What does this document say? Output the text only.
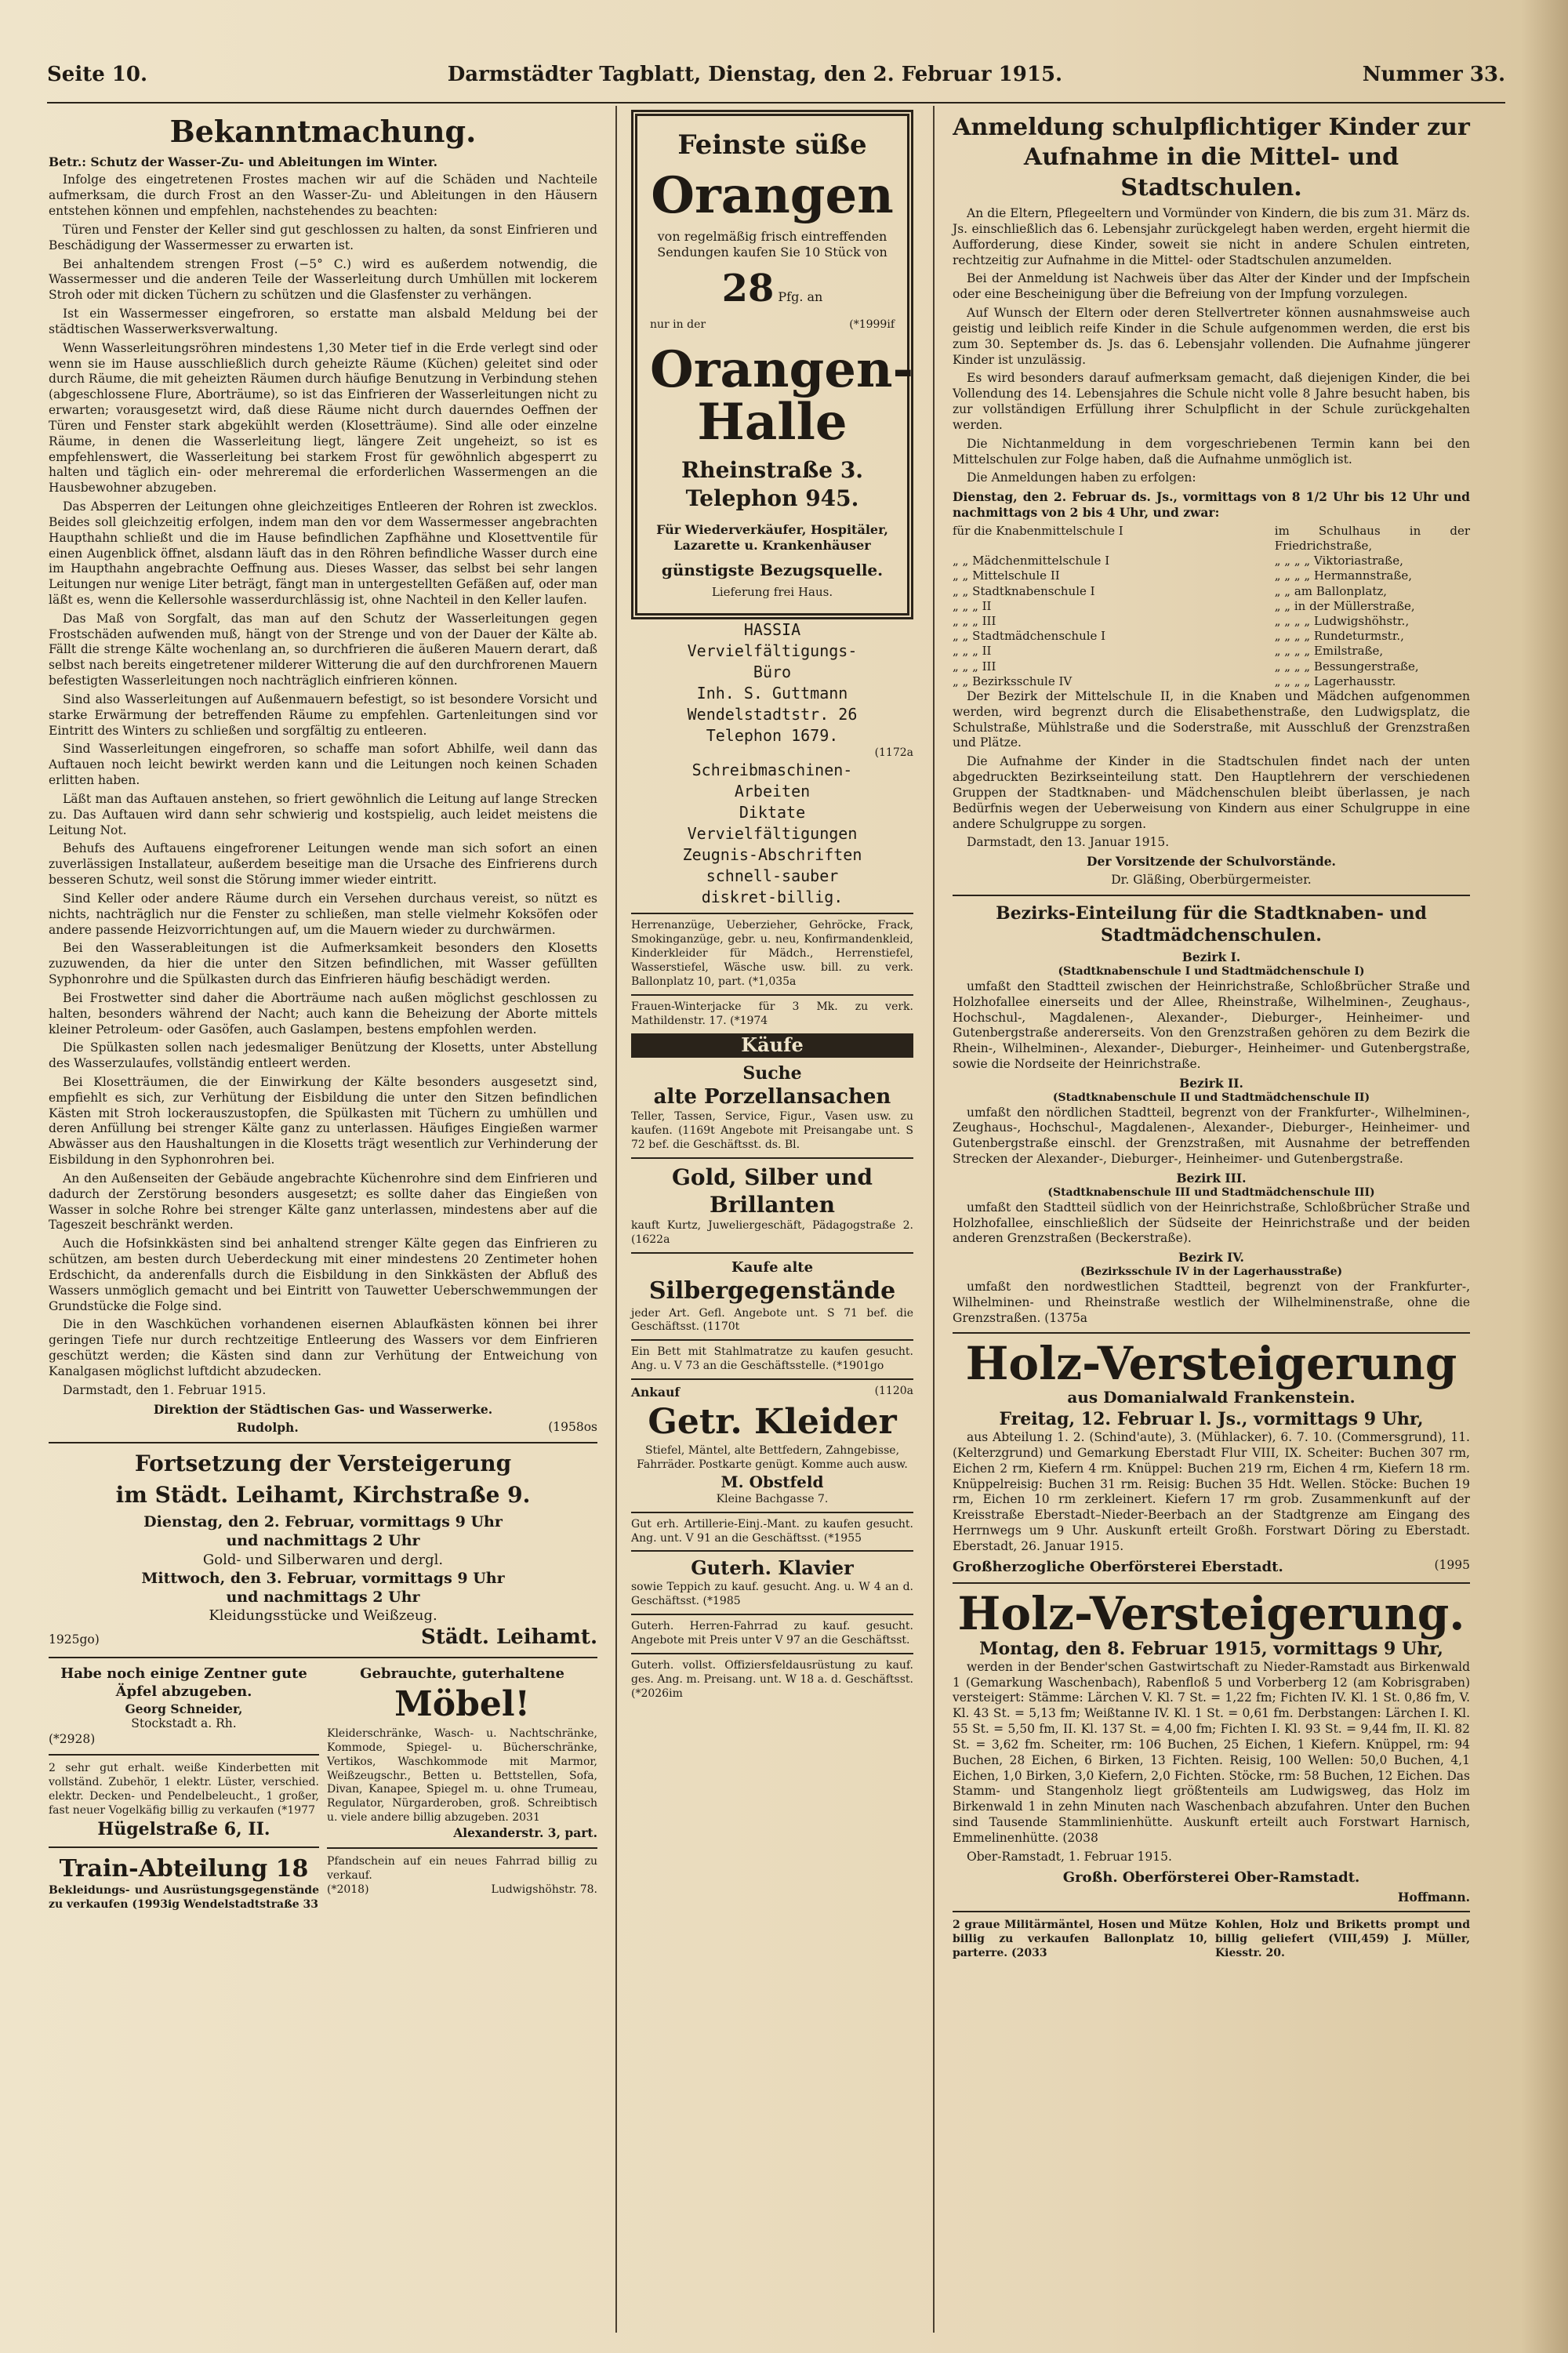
Seite 10.	Darmstädter Tagblatt, Dienstag, den 2. Februar 1915.	Nummer 33.
Bekanntmachung.

Betr.: Schutz der Wasser-Zu- und Ableitungen im Winter.

Infolge des eingetretenen Frostes machen wir auf die Schäden und Nachteile aufmerksam, die durch Frost an den Wasser-Zu- und Ableitungen in den Häusern entstehen können und empfehlen, nachstehendes zu beachten:

Türen und Fenster der Keller sind gut geschlossen zu halten, da sonst Einfrieren und Beschädigung der Wassermesser zu erwarten ist.

Bei anhaltendem strengen Frost (−5° C.) wird es außerdem notwendig, die Wassermesser und die anderen Teile der Wasserleitung durch Umhüllen mit lockerem Stroh oder mit dicken Tüchern zu schützen und die Glasfenster zu verhängen.

Ist ein Wassermesser eingefroren, so erstatte man alsbald Meldung bei der städtischen Wasserwerksverwaltung.

Wenn Wasserleitungsröhren mindestens 1,30 Meter tief in die Erde verlegt sind oder wenn sie im Hause ausschließlich durch geheizte Räume (Küchen) geleitet sind oder durch Räume, die mit geheizten Räumen durch häufige Benutzung in Verbindung stehen (abgeschlossene Flure, Aborträume), so ist das Einfrieren der Wasserleitungen nicht zu erwarten; vorausgesetzt wird, daß diese Räume nicht durch dauerndes Oeffnen der Türen und Fenster stark abgekühlt werden (Klosetträume). Sind alle oder einzelne Räume, in denen die Wasserleitung liegt, längere Zeit ungeheizt, so ist es empfehlenswert, die Wasserleitung bei starkem Frost für gewöhnlich abgesperrt zu halten und täglich ein- oder mehreremal die erforderlichen Wassermengen an die Hausbewohner abzugeben.

Das Absperren der Leitungen ohne gleichzeitiges Entleeren der Rohren ist zwecklos. Beides soll gleichzeitig erfolgen, indem man den vor dem Wassermesser angebrachten Haupthahn schließt und die im Hause befindlichen Zapfhähne und Klosettventile für einen Augenblick öffnet, alsdann läuft das in den Röhren befindliche Wasser durch eine im Haupthahn angebrachte Oeffnung aus. Dieses Wasser, das selbst bei sehr langen Leitungen nur wenige Liter beträgt, fängt man in untergestellten Gefäßen auf, oder man läßt es, wenn die Kellersohle wasserdurchlässig ist, ohne Nachteil in den Keller laufen.

Das Maß von Sorgfalt, das man auf den Schutz der Wasserleitungen gegen Frostschäden aufwenden muß, hängt von der Strenge und von der Dauer der Kälte ab. Fällt die strenge Kälte wochenlang an, so durchfrieren die äußeren Mauern derart, daß selbst nach bereits eingetretener milderer Witterung die auf den durchfrorenen Mauern befestigten Wasserleitungen noch nachträglich einfrieren können.

Sind also Wasserleitungen auf Außenmauern befestigt, so ist besondere Vorsicht und starke Erwärmung der betreffenden Räume zu empfehlen. Gartenleitungen sind vor Eintritt des Winters zu schließen und sorgfältig zu entleeren.

Sind Wasserleitungen eingefroren, so schaffe man sofort Abhilfe, weil dann das Auftauen noch leicht bewirkt werden kann und die Leitungen noch keinen Schaden erlitten haben.

Läßt man das Auftauen anstehen, so friert gewöhnlich die Leitung auf lange Strecken zu. Das Auftauen wird dann sehr schwierig und kostspielig, auch leidet meistens die Leitung Not.

Behufs des Auftauens eingefrorener Leitungen wende man sich sofort an einen zuverlässigen Installateur, außerdem beseitige man die Ursache des Einfrierens durch besseren Schutz, weil sonst die Störung immer wieder eintritt.

Sind Keller oder andere Räume durch ein Versehen durchaus vereist, so nützt es nichts, nachträglich nur die Fenster zu schließen, man stelle vielmehr Koksöfen oder andere passende Heizvorrichtungen auf, um die Mauern wieder zu durchwärmen.

Bei den Wasserableitungen ist die Aufmerksamkeit besonders den Klosetts zuzuwenden, da hier die unter den Sitzen befindlichen, mit Wasser gefüllten Syphonrohre und die Spülkasten durch das Einfrieren häufig beschädigt werden.

Bei Frostwetter sind daher die Aborträume nach außen möglichst geschlossen zu halten, besonders während der Nacht; auch kann die Beheizung der Aborte mittels kleiner Petroleum- oder Gasöfen, auch Gaslampen, bestens empfohlen werden.

Die Spülkasten sollen nach jedesmaliger Benützung der Klosetts, unter Abstellung des Wasserzulaufes, vollständig entleert werden.

Bei Klosetträumen, die der Einwirkung der Kälte besonders ausgesetzt sind, empfiehlt es sich, zur Verhütung der Eisbildung die unter den Sitzen befindlichen Kästen mit Stroh lockerauszustopfen, die Spülkasten mit Tüchern zu umhüllen und deren Anfüllung bei strenger Kälte ganz zu unterlassen. Häufiges Eingießen warmer Abwässer aus den Haushaltungen in die Klosetts trägt wesentlich zur Verhinderung der Eisbildung in den Syphonrohren bei.

An den Außenseiten der Gebäude angebrachte Küchenrohre sind dem Einfrieren und dadurch der Zerstörung besonders ausgesetzt; es sollte daher das Eingießen von Wasser in solche Rohre bei strenger Kälte ganz unterlassen, mindestens aber auf die Tageszeit beschränkt werden.

Auch die Hofsinkkästen sind bei anhaltend strenger Kälte gegen das Einfrieren zu schützen, am besten durch Ueberdeckung mit einer mindestens 20 Zentimeter hohen Erdschicht, da anderenfalls durch die Eisbildung in den Sinkkästen der Abfluß des Wassers unmöglich gemacht und bei Eintritt von Tauwetter Ueberschwemmungen der Grundstücke die Folge sind.

Die in den Waschküchen vorhandenen eisernen Ablaufkästen können bei ihrer geringen Tiefe nur durch rechtzeitige Entleerung des Wassers vor dem Einfrieren geschützt werden; die Kästen sind dann zur Verhütung der Entweichung von Kanalgasen möglichst luftdicht abzudecken.

Darmstadt, den 1. Februar 1915.

Direktion der Städtischen Gas- und Wasserwerke.

Rudolph.	(1958os
Fortsetzung der Versteigerung
im Städt. Leihamt, Kirchstraße 9.
Dienstag, den 2. Februar, vormittags 9 Uhr
und nachmittags 2 Uhr
Gold- und Silberwaren und dergl.
Mittwoch, den 3. Februar, vormittags 9 Uhr
und nachmittags 2 Uhr
Kleidungsstücke und Weißzeug.
1925go)	Städt. Leihamt.
Habe noch einige Zentner gute Äpfel abzugeben.
Georg Schneider,
Stockstadt a. Rh.
(*2928)
2 sehr gut erhalt. weiße Kinderbetten mit vollständ. Zubehör, 1 elektr. Lüster, verschied. elektr. Decken- und Pendelbeleucht., 1 großer, fast neuer Vogelkäfig billig zu verkaufen (*1977
Hügelstraße 6, II.
Train-Abteilung 18
Bekleidungs- und Ausrüstungsgegenstände zu verkaufen (1993ig Wendelstadtstraße 33
Gebrauchte, guterhaltene
Möbel!
Kleiderschränke, Wasch- u. Nachtschränke, Kommode, Spiegel- u. Bücherschränke, Vertikos, Waschkommode mit Marmor, Weißzeugschr., Betten u. Bettstellen, Sofa, Divan, Kanapee, Spiegel m. u. ohne Trumeau, Regulator, Nürgarderoben, groß. Schreibtisch u. viele andere billig abzugeben. 2031
Alexanderstr. 3, part.
Pfandschein auf ein neues Fahrrad billig zu verkauf.
(*2018)	Ludwigshöhstr. 78.
Feinste süße
Orangen
von regelmäßig frisch eintreffenden Sendungen kaufen Sie 10 Stück von
28 Pfg. an
nur in der	(*1999if
Orangen-
Halle
Rheinstraße 3.
Telephon 945.
Für Wiederverkäufer, Hospitäler, Lazarette u. Krankenhäuser
günstigste Bezugsquelle.
Lieferung frei Haus.
HASSIA
Vervielfältigungs-
Büro
Inh. S. Guttmann
Wendelstadtstr. 26
Telephon 1679.
(1172a
Schreibmaschinen-
Arbeiten
Diktate
Vervielfältigungen
Zeugnis-Abschriften
schnell-sauber
diskret-billig.
Herrenanzüge, Ueberzieher, Gehröcke, Frack, Smokinganzüge, gebr. u. neu, Konfirmandenkleid, Kinderkleider für Mädch., Herrenstiefel, Wasserstiefel, Wäsche usw. bill. zu verk. Ballonplatz 10, part. (*1,035a
Frauen-Winterjacke für 3 Mk. zu verk. Mathildenstr. 17. (*1974
Käufe
Suche
alte Porzellansachen
Teller, Tassen, Service, Figur., Vasen usw. zu kaufen. (1169t Angebote mit Preisangabe unt. S 72 bef. die Geschäftsst. ds. Bl.
Gold, Silber und Brillanten
kauft Kurtz, Juweliergeschäft, Pädagogstraße 2. (1622a
Kaufe alte
Silbergegenstände
jeder Art. Gefl. Angebote unt. S 71 bef. die Geschäftsst. (1170t
Ein Bett mit Stahlmatratze zu kaufen gesucht. Ang. u. V 73 an die Geschäftsstelle. (*1901go
Ankauf	(1120a
Getr. Kleider
Stiefel, Mäntel, alte Bettfedern, Zahngebisse, Fahrräder. Postkarte genügt. Komme auch ausw.
M. Obstfeld
Kleine Bachgasse 7.
Gut erh. Artillerie-Einj.-Mant. zu kaufen gesucht. Ang. unt. V 91 an die Geschäftsst. (*1955
Guterh. Klavier
sowie Teppich zu kauf. gesucht. Ang. u. W 4 an d. Geschäftsst. (*1985
Guterh. Herren-Fahrrad zu kauf. gesucht. Angebote mit Preis unter V 97 an die Geschäftsst.
Guterh. vollst. Offiziersfeldausrüstung zu kauf. ges. Ang. m. Preisang. unt. W 18 a. d. Geschäftsst. (*2026im
Anmeldung schulpflichtiger Kinder zur Aufnahme in die Mittel- und Stadtschulen.

An die Eltern, Pflegeeltern und Vormünder von Kindern, die bis zum 31. März ds. Js. einschließlich das 6. Lebensjahr zurückgelegt haben werden, ergeht hiermit die Aufforderung, diese Kinder, soweit sie nicht in andere Schulen eintreten, rechtzeitig zur Aufnahme in die Mittel- oder Stadtschulen anzumelden.

Bei der Anmeldung ist Nachweis über das Alter der Kinder und der Impfschein oder eine Bescheinigung über die Befreiung von der Impfung vorzulegen.

Auf Wunsch der Eltern oder deren Stellvertreter können ausnahmsweise auch geistig und leiblich reife Kinder in die Schule aufgenommen werden, die erst bis zum 30. September ds. Js. das 6. Lebensjahr vollenden. Die Aufnahme jüngerer Kinder ist unzulässig.

Es wird besonders darauf aufmerksam gemacht, daß diejenigen Kinder, die bei Vollendung des 14. Lebensjahres die Schule nicht volle 8 Jahre besucht haben, bis zur vollständigen Erfüllung ihrer Schulpflicht in der Schule zurückgehalten werden.

Die Nichtanmeldung in dem vorgeschriebenen Termin kann bei den Mittelschulen zur Folge haben, daß die Aufnahme unmöglich ist.

Die Anmeldungen haben zu erfolgen:

Dienstag, den 2. Februar ds. Js., vormittags von 8 1/2 Uhr bis 12 Uhr und nachmittags von 2 bis 4 Uhr, und zwar:

für die Knabenmittelschule I	im Schulhaus in der Friedrichstraße,
„ „ Mädchenmittelschule I	„ „ „ „ Viktoriastraße,
„ „ Mittelschule II	„ „ „ „ Hermannstraße,
„ „ Stadtknabenschule I	„ „ am Ballonplatz,
„ „ „ II	„ „ in der Müllerstraße,
„ „ „ III	„ „ „ „ Ludwigshöhstr.,
„ „ Stadtmädchenschule I	„ „ „ „ Rundeturmstr.,
„ „ „ II	„ „ „ „ Emilstraße,
„ „ „ III	„ „ „ „ Bessungerstraße,
„ „ Bezirksschule IV	„ „ „ „ Lagerhausstr.

Der Bezirk der Mittelschule II, in die Knaben und Mädchen aufgenommen werden, wird begrenzt durch die Elisabethenstraße, den Ludwigsplatz, die Schulstraße, Mühlstraße und die Soderstraße, mit Ausschluß der Grenzstraßen und Plätze.

Die Aufnahme der Kinder in die Stadtschulen findet nach der unten abgedruckten Bezirkseinteilung statt. Den Hauptlehrern der verschiedenen Gruppen der Stadtknaben- und Mädchenschulen bleibt überlassen, je nach Bedürfnis wegen der Ueberweisung von Kindern aus einer Schulgruppe in eine andere Schulgruppe zu sorgen.

Darmstadt, den 13. Januar 1915.

Der Vorsitzende der Schulvorstände.

Dr. Gläßing, Oberbürgermeister.

Bezirks-Einteilung für die Stadtknaben- und Stadtmädchenschulen.
Bezirk I.
(Stadtknabenschule I und Stadtmädchenschule I)

umfaßt den Stadtteil zwischen der Heinrichstraße, Schloßbrücher Straße und Holzhofallee einerseits und der Allee, Rheinstraße, Wilhelminen-, Zeughaus-, Hochschul-, Magdalenen-, Alexander-, Dieburger-, Heinheimer- und Gutenbergstraße andererseits. Von den Grenzstraßen gehören zu dem Bezirk die Rhein-, Wilhelminen-, Alexander-, Dieburger-, Heinheimer- und Gutenbergstraße, sowie die Nordseite der Heinrichstraße.

Bezirk II.
(Stadtknabenschule II und Stadtmädchenschule II)

umfaßt den nördlichen Stadtteil, begrenzt von der Frankfurter-, Wilhelminen-, Zeughaus-, Hochschul-, Magdalenen-, Alexander-, Dieburger-, Heinheimer- und Gutenbergstraße einschl. der Grenzstraßen, mit Ausnahme der betreffenden Strecken der Alexander-, Dieburger-, Heinheimer- und Gutenbergstraße.

Bezirk III.
(Stadtknabenschule III und Stadtmädchenschule III)

umfaßt den Stadtteil südlich von der Heinrichstraße, Schloßbrücher Straße und Holzhofallee, einschließlich der Südseite der Heinrichstraße und der beiden anderen Grenzstraßen (Beckerstraße).

Bezirk IV.
(Bezirksschule IV in der Lagerhausstraße)

umfaßt den nordwestlichen Stadtteil, begrenzt von der Frankfurter-, Wilhelminen- und Rheinstraße westlich der Wilhelminenstraße, ohne die Grenzstraßen. (1375a

Holz-Versteigerung
aus Domanialwald Frankenstein.
Freitag, 12. Februar l. Js., vormittags 9 Uhr,

aus Abteilung 1. 2. (Schind'aute), 3. (Mühlacker), 6. 7. 10. (Commersgrund), 11. (Kelterzgrund) und Gemarkung Eberstadt Flur VIII, IX. Scheiter: Buchen 307 rm, Eichen 2 rm, Kiefern 4 rm. Knüppel: Buchen 219 rm, Eichen 4 rm, Kiefern 18 rm. Knüppelreisig: Buchen 31 rm. Reisig: Buchen 35 Hdt. Wellen. Stöcke: Buchen 19 rm, Eichen 10 rm zerkleinert. Kiefern 17 rm grob. Zusammenkunft auf der Kreisstraße Eberstadt–Nieder-Beerbach an der Stadtgrenze am Eingang des Herrnwegs um 9 Uhr. Auskunft erteilt Großh. Forstwart Döring zu Eberstadt. Eberstadt, 26. Januar 1915.

Großherzogliche Oberförsterei Eberstadt.	(1995
Holz-Versteigerung.
Montag, den 8. Februar 1915, vormittags 9 Uhr,

werden in der Bender'schen Gastwirtschaft zu Nieder-Ramstadt aus Birkenwald 1 (Gemarkung Waschenbach), Rabenfloß 5 und Vorberberg 12 (am Kobrisgraben) versteigert: Stämme: Lärchen V. Kl. 7 St. = 1,22 fm; Fichten IV. Kl. 1 St. 0,86 fm, V. Kl. 43 St. = 5,13 fm; Weißtanne IV. Kl. 1 St. = 0,61 fm. Derbstangen: Lärchen I. Kl. 55 St. = 5,50 fm, II. Kl. 137 St. = 4,00 fm; Fichten I. Kl. 93 St. = 9,44 fm, II. Kl. 82 St. = 3,62 fm. Scheiter, rm: 106 Buchen, 25 Eichen, 1 Kiefern. Knüppel, rm: 94 Buchen, 28 Eichen, 6 Birken, 13 Fichten. Reisig, 100 Wellen: 50,0 Buchen, 4,1 Eichen, 1,0 Birken, 3,0 Kiefern, 2,0 Fichten. Stöcke, rm: 58 Buchen, 12 Eichen. Das Stamm- und Stangenholz liegt größtenteils am Ludwigsweg, das Holz im Birkenwald 1 in zehn Minuten nach Waschenbach abzufahren. Unter den Buchen sind Tausende Stammlinienhütte. Auskunft erteilt auch Forstwart Harnisch, Emmelinenhütte. (2038

Ober-Ramstadt, 1. Februar 1915.

Großh. Oberförsterei Ober-Ramstadt.

Hoffmann.

2 graue Militärmäntel, Hosen und Mütze billig zu verkaufen Ballonplatz 10, parterre. (2033
Kohlen, Holz und Briketts prompt und billig geliefert (VIII,459) J. Müller, Kiesstr. 20.
